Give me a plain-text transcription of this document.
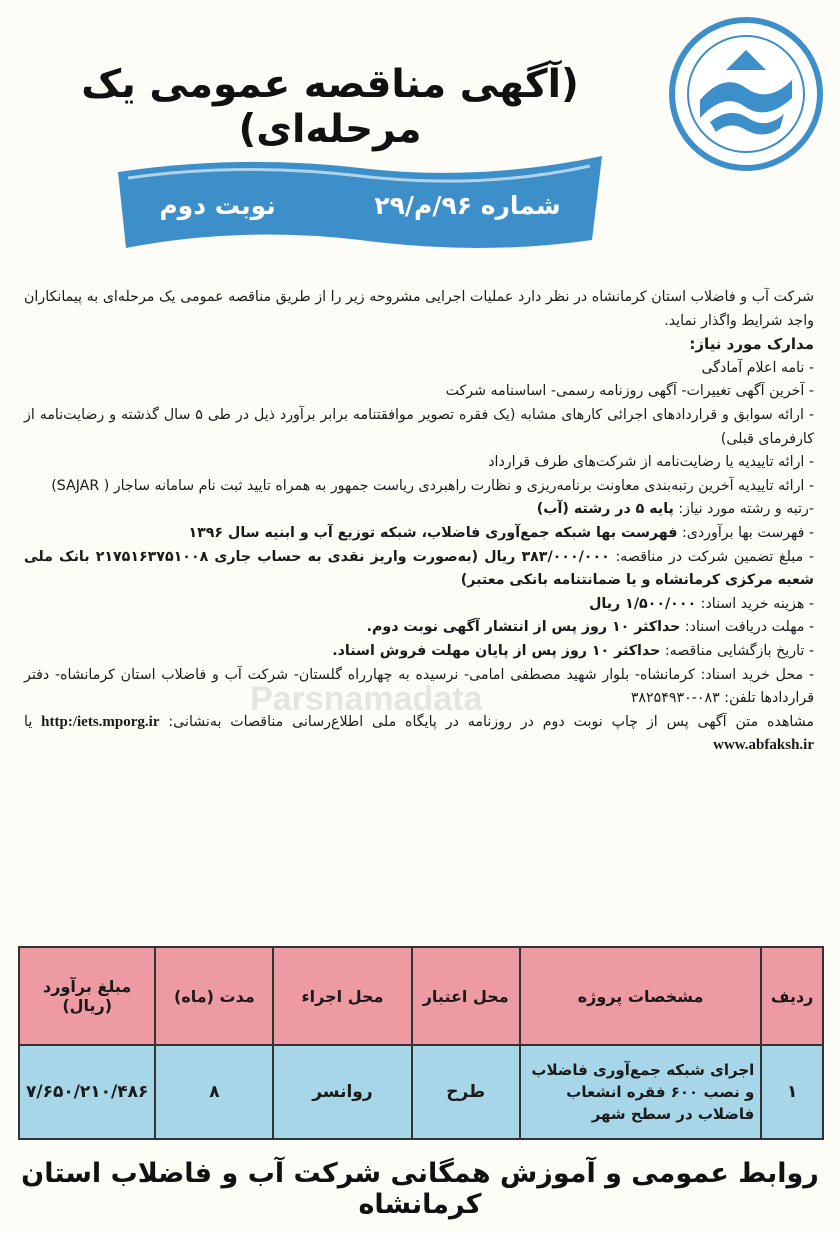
(آگهی مناقصه عمومی یک مرحله‌ای)
شماره ۹۶/م/۲۹
نوبت دوم

شرکت آب و فاضلاب استان کرمانشاه در نظر دارد عملیات اجرایی مشروحه زیر را از طریق مناقصه عمومی یک مرحله‌ای به پیمانکاران واجد شرایط واگذار نماید.

مدارک مورد نیاز:

- نامه اعلام آمادگی

- آخرین آگهی تغییرات- آگهی روزنامه رسمی- اساسنامه شرکت

- ارائه سوابق و قراردادهای اجرائی کارهای مشابه (یک فقره تصویر موافقتنامه برابر برآورد ذیل در طی ۵ سال گذشته و رضایت‌نامه از کارفرمای قبلی)

- ارائه تاییدیه یا رضایت‌نامه از شرکت‌های طرف قرارداد

- ارائه تاییدیه آخرین رتبه‌بندی معاونت برنامه‌ریزی و نظارت راهبردی ریاست جمهور به همراه تایید ثبت نام سامانه ساجار ( SAJAR)

-رتبه و رشته مورد نیاز: پایه ۵ در رشته (آب)

- فهرست بها برآوردی: فهرست بها شبکه جمع‌آوری فاضلاب، شبکه توزیع آب و ابنیه سال ۱۳۹۶

- مبلغ تضمین شرکت در مناقصه: ۳۸۳/۰۰۰/۰۰۰ ریال (به‌صورت واریز نقدی به حساب جاری ۲۱۷۵۱۶۳۷۵۱۰۰۸ بانک ملی شعبه مرکزی کرمانشاه و یا ضمانتنامه بانکی معتبر)

- هزینه خرید اسناد: ۱/۵۰۰/۰۰۰ ریال

- مهلت دریافت اسناد: حداکثر ۱۰ روز پس از انتشار آگهی نوبت دوم.

- تاریخ بازگشایی مناقصه: حداکثر ۱۰ روز پس از پایان مهلت فروش اسناد.

- محل خرید اسناد: کرمانشاه- بلوار شهید مصطفی امامی- نرسیده به چهارراه گلستان- شرکت آب و فاضلاب استان کرمانشاه- دفتر قراردادها تلفن: ۰۸۳-۳۸۲۵۴۹۳۰

مشاهده متن آگهی پس از چاپ نوبت دوم در روزنامه در پایگاه ملی اطلاع‌رسانی مناقصات به‌نشانی: http:/iets.mporg.ir یا www.abfaksh.ir

Parsnamadata
ردیف	مشخصات پروژه	محل اعتبار	محل اجراء	مدت (ماه)	مبلغ برآورد (ریال)
۱	اجرای شبکه جمع‌آوری فاضلاب و نصب ۶۰۰ فقره انشعاب فاضلاب در سطح شهر	طرح	روانسر	۸	۷/۶۵۰/۲۱۰/۴۸۶
روابط عمومی و آموزش همگانی شرکت آب و فاضلاب استان کرمانشاه
